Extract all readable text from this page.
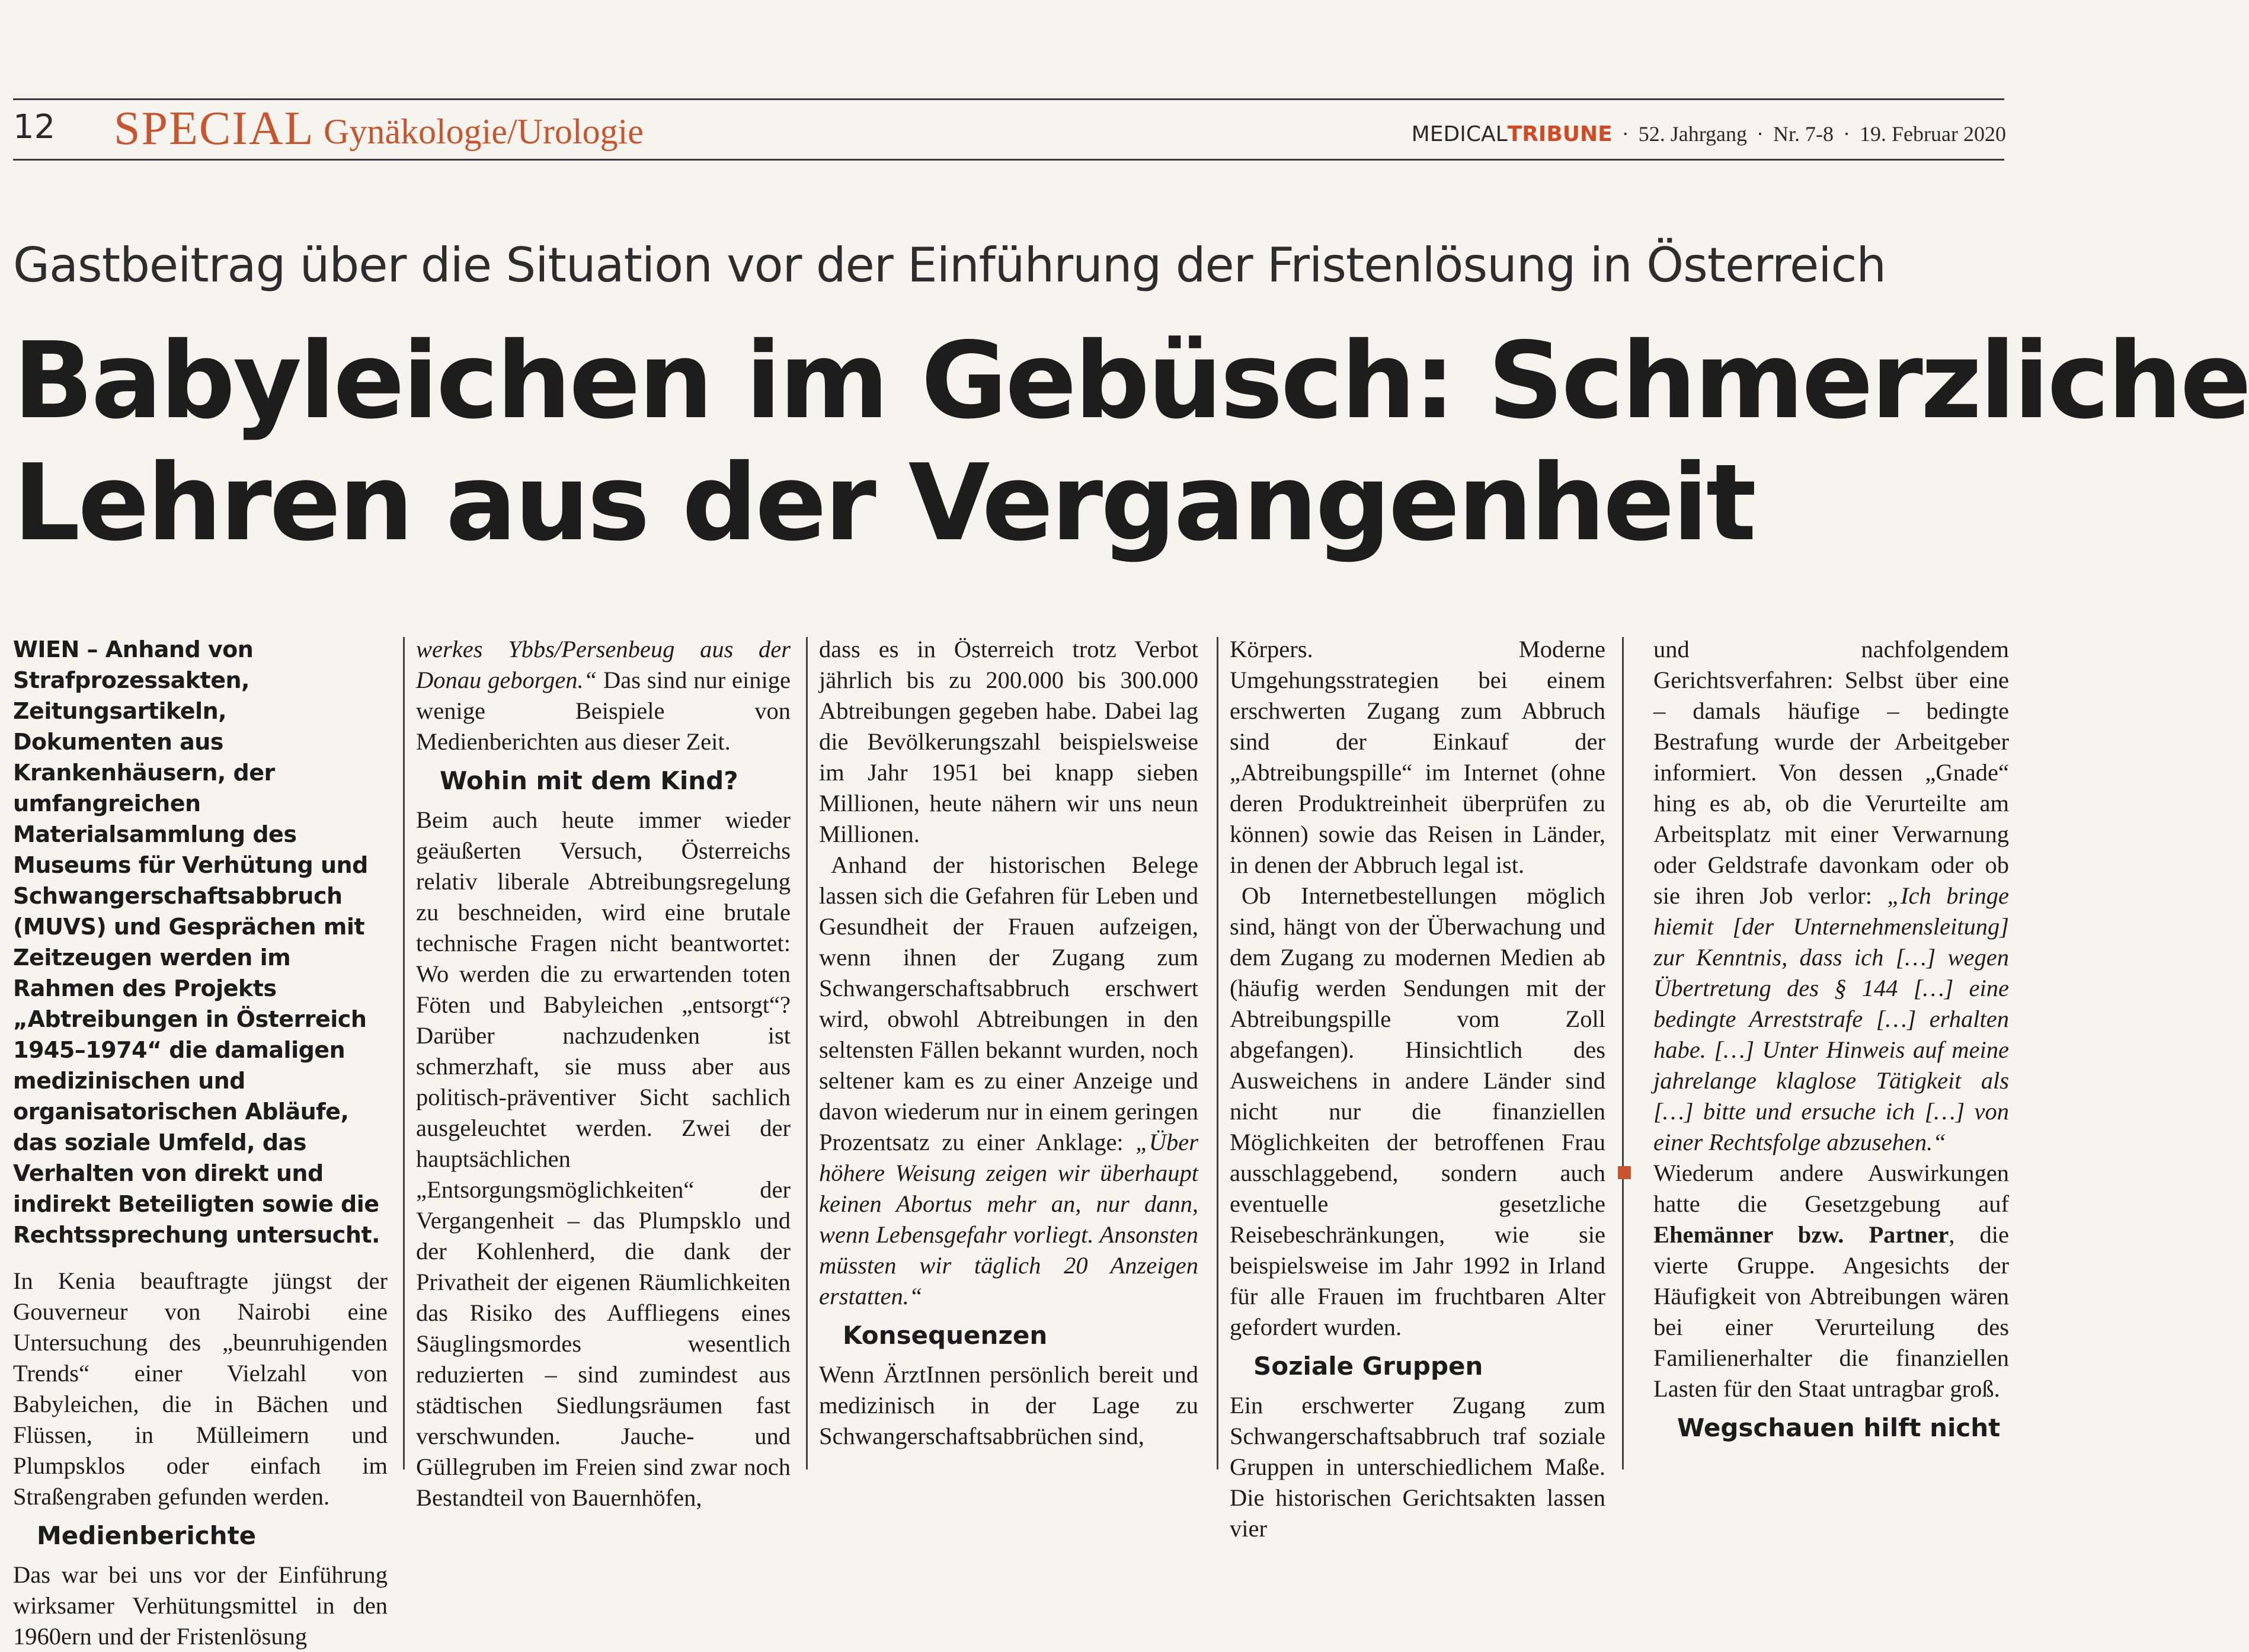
12 SPECIAL Gynäkologie/Urologie	MEDICALTRIBUNE · 52. Jahrgang · Nr. 7-8 · 19. Februar 2020
Gastbeitrag über die Situation vor der Einführung der Fristenlösung in Österreich
Babyleichen im Gebüsch: Schmerzliche
Lehren aus der Vergangenheit

WIEN – Anhand von Strafprozessakten, Zeitungsartikeln, Dokumenten aus Krankenhäusern, der umfangreichen Materialsammlung des Museums für Verhütung und Schwangerschaftsabbruch (MUVS) und Gesprächen mit Zeitzeugen werden im Rahmen des Projekts „Abtreibungen in Österreich 1945–1974“ die damaligen medizinischen und organisatorischen Abläufe, das soziale Umfeld, das Verhalten von direkt und indirekt Beteiligten sowie die Rechtssprechung untersucht.

In Kenia beauftragte jüngst der Gouverneur von Nairobi eine Untersuchung des „beunruhigenden Trends“ einer Vielzahl von Babyleichen, die in Bächen und Flüssen, in Mülleimern und Plumpsklos oder einfach im Straßengraben gefunden werden.

Medienberichte

Das war bei uns vor der Einführung wirksamer Verhütungsmittel in den 1960ern und der Fristenlösung

werkes Ybbs/Persenbeug aus der Donau geborgen.“ Das sind nur einige wenige Beispiele von Medienberichten aus dieser Zeit.

Wohin mit dem Kind?

Beim auch heute immer wieder geäußerten Versuch, Österreichs relativ liberale Abtreibungsregelung zu beschneiden, wird eine brutale technische Fragen nicht beantwortet: Wo werden die zu erwartenden toten Föten und Babyleichen „entsorgt“? Darüber nachzudenken ist schmerzhaft, sie muss aber aus politisch-präventiver Sicht sachlich ausgeleuchtet werden. Zwei der hauptsächlichen „Entsorgungsmöglichkeiten“ der Vergangenheit – das Plumpsklo und der Kohlenherd, die dank der Privatheit der eigenen Räumlichkeiten das Risiko des Auffliegens eines Säuglingsmordes wesentlich reduzierten – sind zumindest aus städtischen Siedlungsräumen fast verschwunden. Jauche- und Güllegruben im Freien sind zwar noch Bestandteil von Bauernhöfen,

dass es in Österreich trotz Verbot jährlich bis zu 200.000 bis 300.000 Abtreibungen gegeben habe. Dabei lag die Bevölkerungszahl beispielsweise im Jahr 1951 bei knapp sieben Millionen, heute nähern wir uns neun Millionen.

Anhand der historischen Belege lassen sich die Gefahren für Leben und Gesundheit der Frauen aufzeigen, wenn ihnen der Zugang zum Schwangerschaftsabbruch erschwert wird, obwohl Abtreibungen in den seltensten Fällen bekannt wurden, noch seltener kam es zu einer Anzeige und davon wiederum nur in einem geringen Prozentsatz zu einer Anklage: „Über höhere Weisung zeigen wir überhaupt keinen Abortus mehr an, nur dann, wenn Lebensgefahr vorliegt. Ansonsten müssten wir täglich 20 Anzeigen erstatten.“

Konsequenzen

Wenn ÄrztInnen persönlich bereit und medizinisch in der Lage zu Schwangerschaftsabbrüchen sind,

Körpers. Moderne Umgehungsstrategien bei einem erschwerten Zugang zum Abbruch sind der Einkauf der „Abtreibungspille“ im Internet (ohne deren Produktreinheit überprüfen zu können) sowie das Reisen in Länder, in denen der Abbruch legal ist.

Ob Internetbestellungen möglich sind, hängt von der Überwachung und dem Zugang zu modernen Medien ab (häufig werden Sendungen mit der Abtreibungspille vom Zoll abgefangen). Hinsichtlich des Ausweichens in andere Länder sind nicht nur die finanziellen Möglichkeiten der betroffenen Frau ausschlaggebend, sondern auch eventuelle gesetzliche Reisebeschränkungen, wie sie beispielsweise im Jahr 1992 in Irland für alle Frauen im fruchtbaren Alter gefordert wurden.

Soziale Gruppen

Ein erschwerter Zugang zum Schwangerschaftsabbruch traf soziale Gruppen in unterschiedlichem Maße. Die historischen Gerichtsakten lassen vier

und nachfolgendem Gerichtsverfahren: Selbst über eine – damals häufige – bedingte Bestrafung wurde der Arbeitgeber informiert. Von dessen „Gnade“ hing es ab, ob die Verurteilte am Arbeitsplatz mit einer Verwarnung oder Geldstrafe davonkam oder ob sie ihren Job verlor: „Ich bringe hiemit [der Unternehmensleitung] zur Kenntnis, dass ich […] wegen Übertretung des § 144 […] eine bedingte Arreststrafe […] erhalten habe. […] Unter Hinweis auf meine jahrelange klaglose Tätigkeit als […] bitte und ersuche ich […] von einer Rechtsfolge abzusehen.“

Wiederum andere Auswirkungen hatte die Gesetzgebung auf Ehemänner bzw. Partner, die vierte Gruppe. Angesichts der Häufigkeit von Abtreibungen wären bei einer Verurteilung des Familienerhalter die finanziellen Lasten für den Staat untragbar groß.

Wegschauen hilft nicht
